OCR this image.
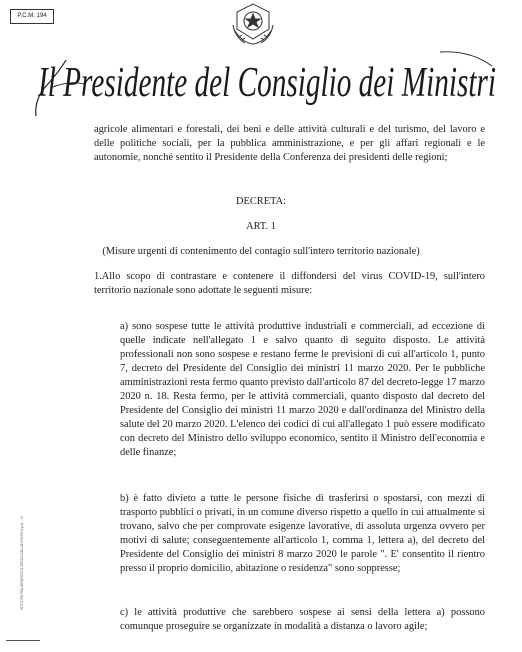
P.C.M. 194
Il Presidente del Consiglio dei Ministri
ISTITUTO POLIGRAFICO E ZECCA DELLO STATO S.p.A. - S.

agricole alimentari e forestali, dei beni e delle attività culturali e del turismo, del lavoro e delle politiche sociali, per la pubblica amministrazione, e per gli affari regionali e le autonomie, nonché sentito il Presidente della Conferenza dei presidenti delle regioni;

DECRETA:

ART. 1

(Misure urgenti di contenimento del contagio sull'intero territorio nazionale)

1.Allo scopo di contrastare e contenere il diffondersi del virus COVID-19, sull'intero territorio nazionale sono adottate le seguenti misure:

a) sono sospese tutte le attività produttive industriali e commerciali, ad eccezione di quelle indicate nell'allegato 1 e salvo quanto di seguito disposto. Le attività professionali non sono sospese e restano ferme le previsioni di cui all'articolo 1, punto 7, decreto del Presidente del Consiglio dei ministri 11 marzo 2020. Per le pubbliche amministrazioni resta fermo quanto previsto dall'articolo 87 del decreto-legge 17 marzo 2020 n. 18. Resta fermo, per le attività commerciali, quanto disposto dal decreto del Presidente del Consiglio dei ministri 11 marzo 2020 e dall'ordinanza del Ministro della salute del 20 marzo 2020. L'elenco dei codici di cui all'allegato 1 può essere modificato con decreto del Ministro dello sviluppo economico, sentito il Ministro dell'economia e delle finanze;

b) è fatto divieto a tutte le persone fisiche di trasferirsi o spostarsi, con mezzi di trasporto pubblici o privati, in un comune diverso rispetto a quello in cui attualmente si trovano, salvo che per comprovate esigenze lavorative, di assoluta urgenza ovvero per motivi di salute; conseguentemente all'articolo 1, comma 1, lettera a), del decreto del Presidente del Consiglio dei ministri 8 marzo 2020 le parole ". E' consentito il rientro presso il proprio domicilio, abitazione o residenza" sono soppresse;

c) le attività produttive che sarebbero sospese ai sensi della lettera a) possono comunque proseguire se organizzate in modalità a distanza o lavoro agile;
